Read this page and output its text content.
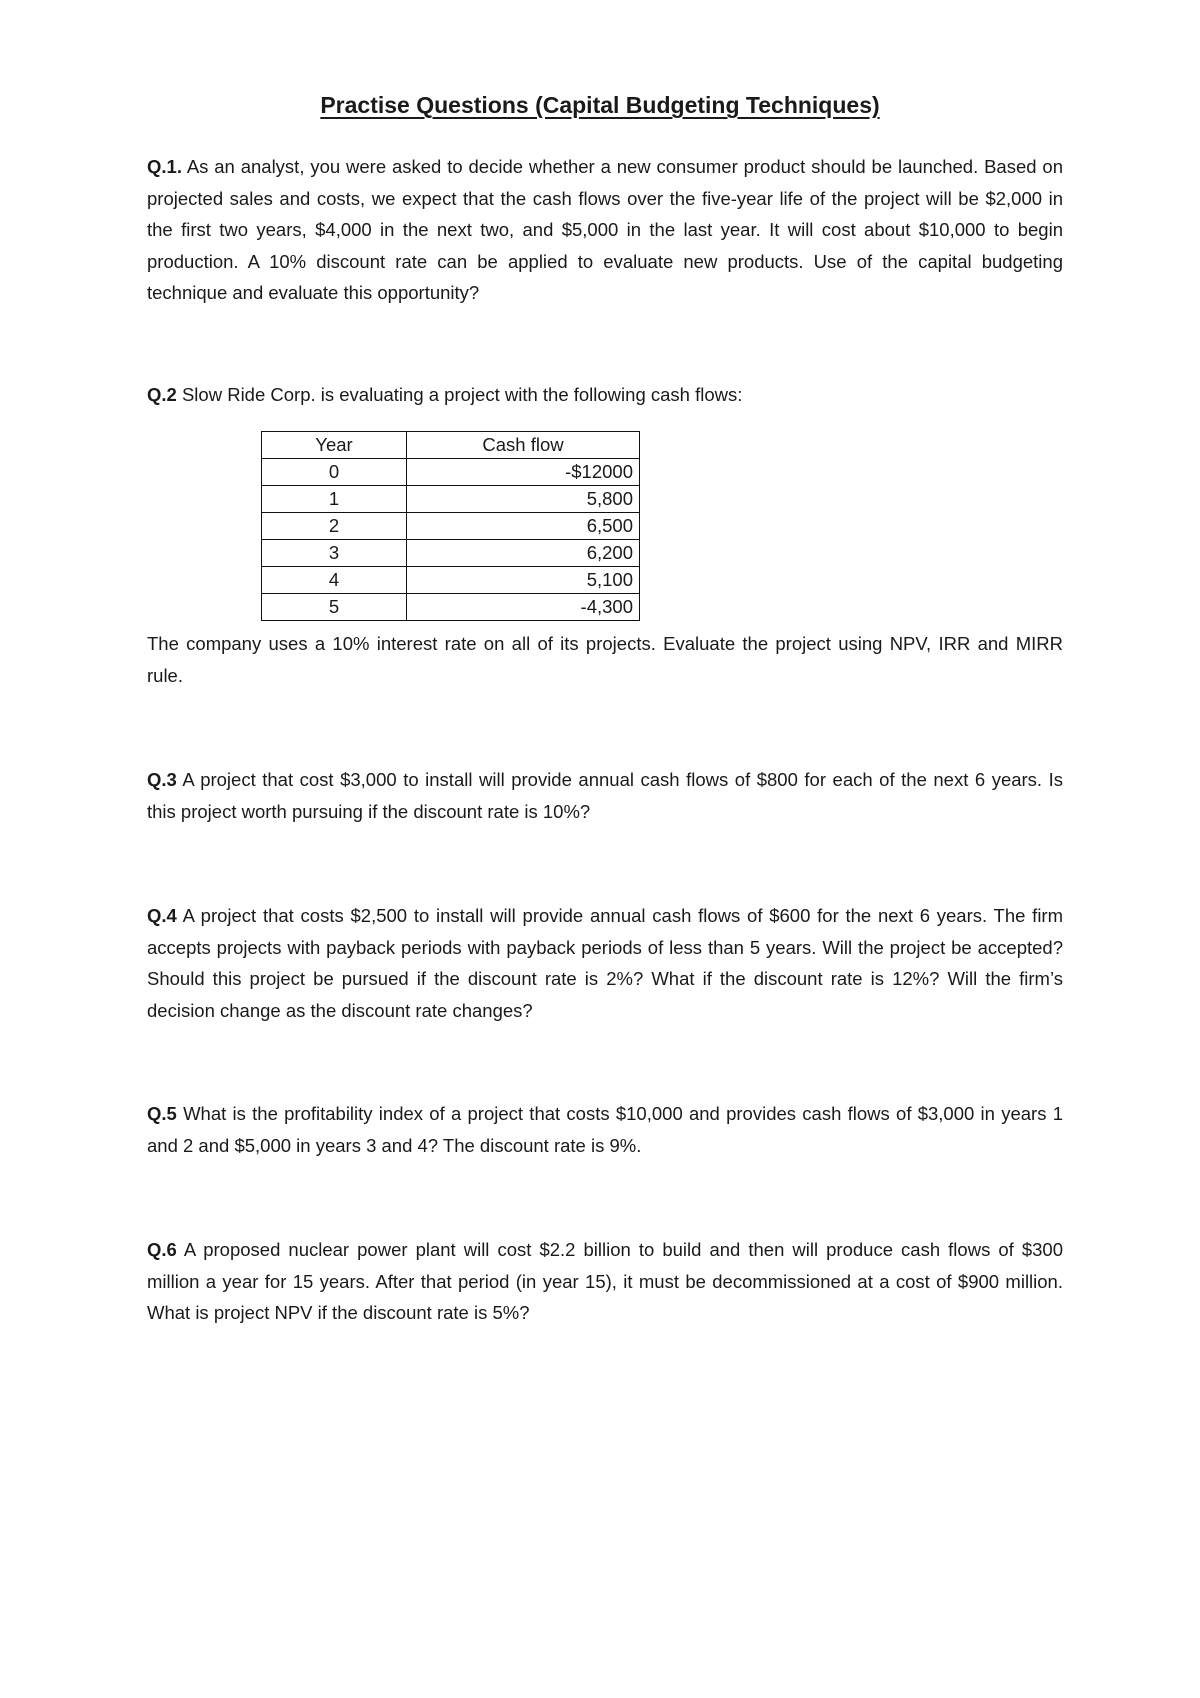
Practise Questions (Capital Budgeting Techniques)
Q.1. As an analyst, you were asked to decide whether a new consumer product should be launched. Based on projected sales and costs, we expect that the cash flows over the five-year life of the project will be $2,000 in the first two years, $4,000 in the next two, and $5,000 in the last year. It will cost about $10,000 to begin production. A 10% discount rate can be applied to evaluate new products. Use of the capital budgeting technique and evaluate this opportunity?
Q.2 Slow Ride Corp. is evaluating a project with the following cash flows:
Year	Cash flow
0	-$12000
1	5,800
2	6,500
3	6,200
4	5,100
5	-4,300
The company uses a 10% interest rate on all of its projects. Evaluate the project using NPV, IRR and MIRR rule.
Q.3 A project that cost $3,000 to install will provide annual cash flows of $800 for each of the next 6 years. Is this project worth pursuing if the discount rate is 10%?
Q.4 A project that costs $2,500 to install will provide annual cash flows of $600 for the next 6 years. The firm accepts projects with payback periods with payback periods of less than 5 years. Will the project be accepted? Should this project be pursued if the discount rate is 2%? What if the discount rate is 12%? Will the firm’s decision change as the discount rate changes?
Q.5 What is the profitability index of a project that costs $10,000 and provides cash flows of $3,000 in years 1 and 2 and $5,000 in years 3 and 4? The discount rate is 9%.
Q.6 A proposed nuclear power plant will cost $2.2 billion to build and then will produce cash flows of $300 million a year for 15 years. After that period (in year 15), it must be decommissioned at a cost of $900 million. What is project NPV if the discount rate is 5%?
